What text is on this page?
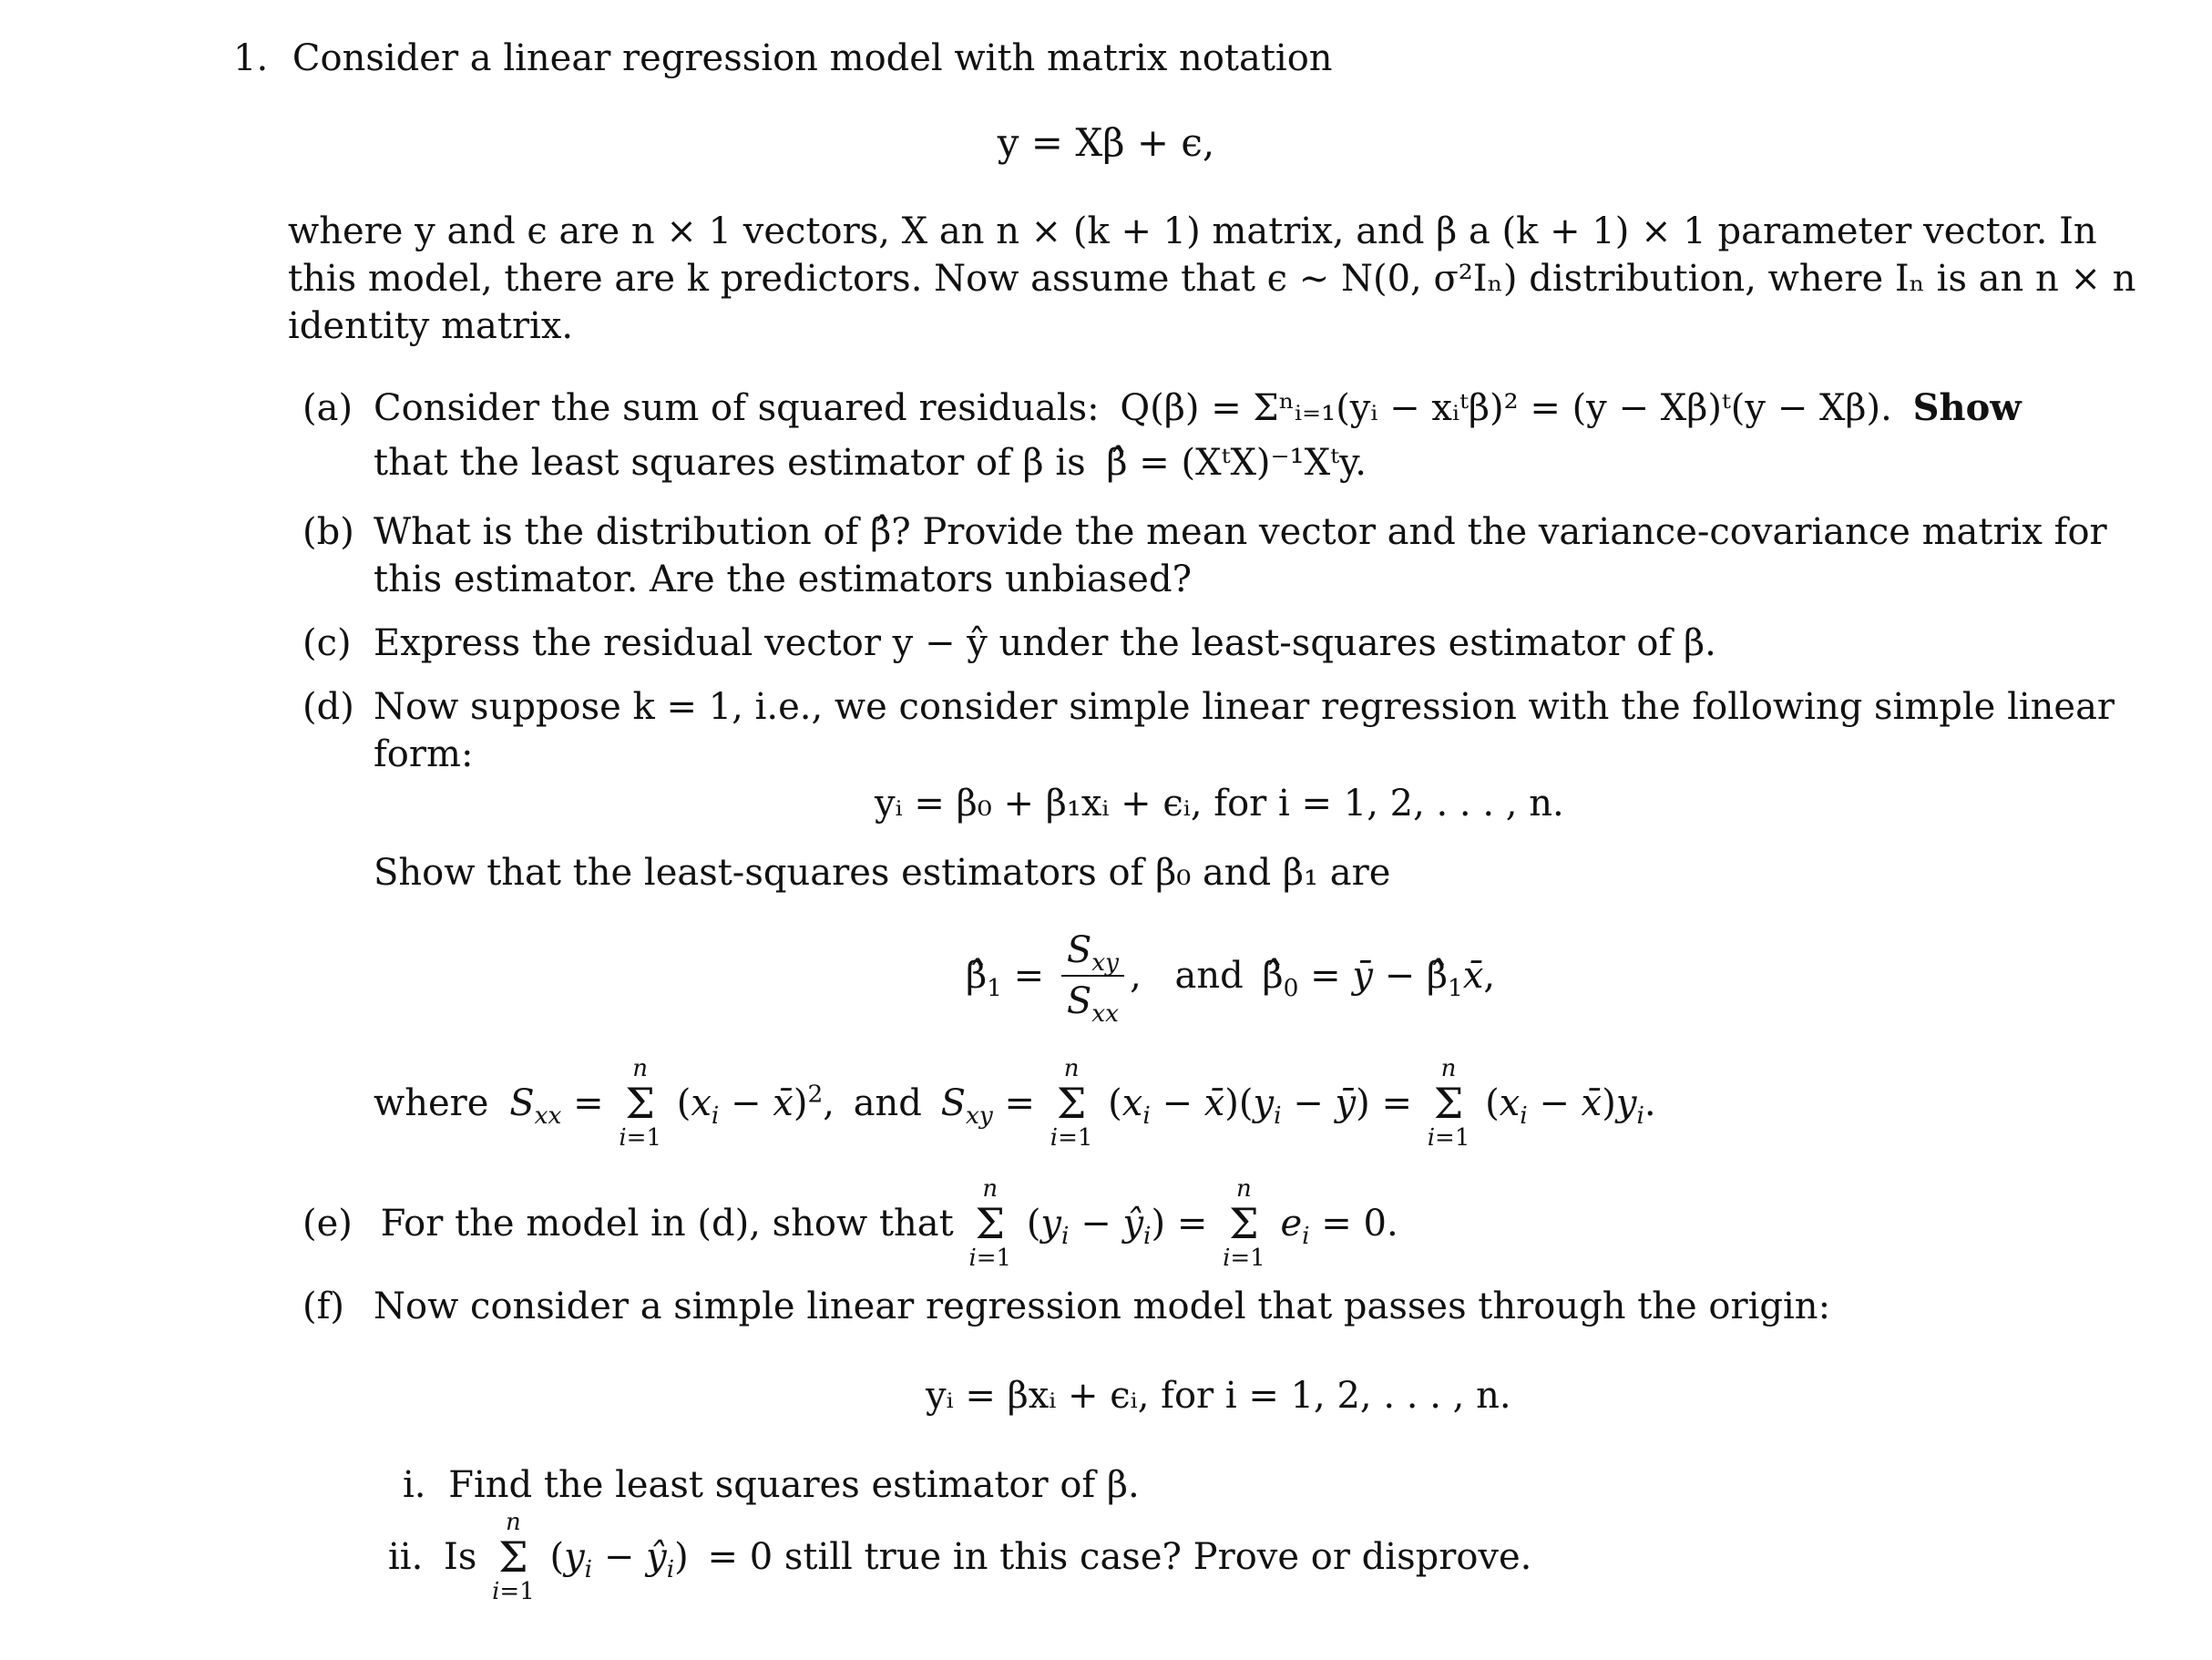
1. Consider a linear regression model with matrix notation
y = Xβ + ϵ,
where y and ϵ are n × 1 vectors, X an n × (k + 1) matrix, and β a (k + 1) × 1 parameter vector. In
this model, there are k predictors. Now assume that ϵ ∼ N(0, σ²Iₙ) distribution, where Iₙ is an n × n
identity matrix.
(a) Consider the sum of squared residuals: Q(β) = Σⁿᵢ₌₁(yᵢ − xᵢᵗβ)² = (y − Xβ)ᵗ(y − Xβ). Show
that the least squares estimator of β is β̂ = (XᵗX)⁻¹Xᵗy.
(b) What is the distribution of β̂? Provide the mean vector and the variance-covariance matrix for
this estimator. Are the estimators unbiased?
(c) Express the residual vector y − ŷ under the least-squares estimator of β.
(d) Now suppose k = 1, i.e., we consider simple linear regression with the following simple linear
form:
yᵢ = β₀ + β₁xᵢ + ϵᵢ, for i = 1, 2, . . . , n.
Show that the least-squares estimators of β₀ and β₁ are
$\betâ_1 = \frac{S_{xy}}{S_{xx}}$ , and $\betâ_0$ = ȳ − $\betâ_1x̄$,
where $S_{xx}$ =
n
Σ
i=1
($x_i$ − x̄)$^2$, and $S_{xy}$ =
n
Σ
i=1
($x_i$ − $x̄)(y_i$ − ȳ) =
n
Σ
i=1
($x_i$ − $x̄)y_i$.
(e) For the model in (d), show that
n
Σ
i=1
($y_i$ − $ŷ_i$) =
n
Σ
i=1
$e_i = 0$.
(f) Now consider a simple linear regression model that passes through the origin:
yᵢ = βxᵢ + ϵᵢ, for i = 1, 2, . . . , n.
i. Find the least squares estimator of β.
ii. Is
n
Σ
i=1
($y_i$ − $ŷ_i) = 0$ still true in this case? Prove or disprove.
